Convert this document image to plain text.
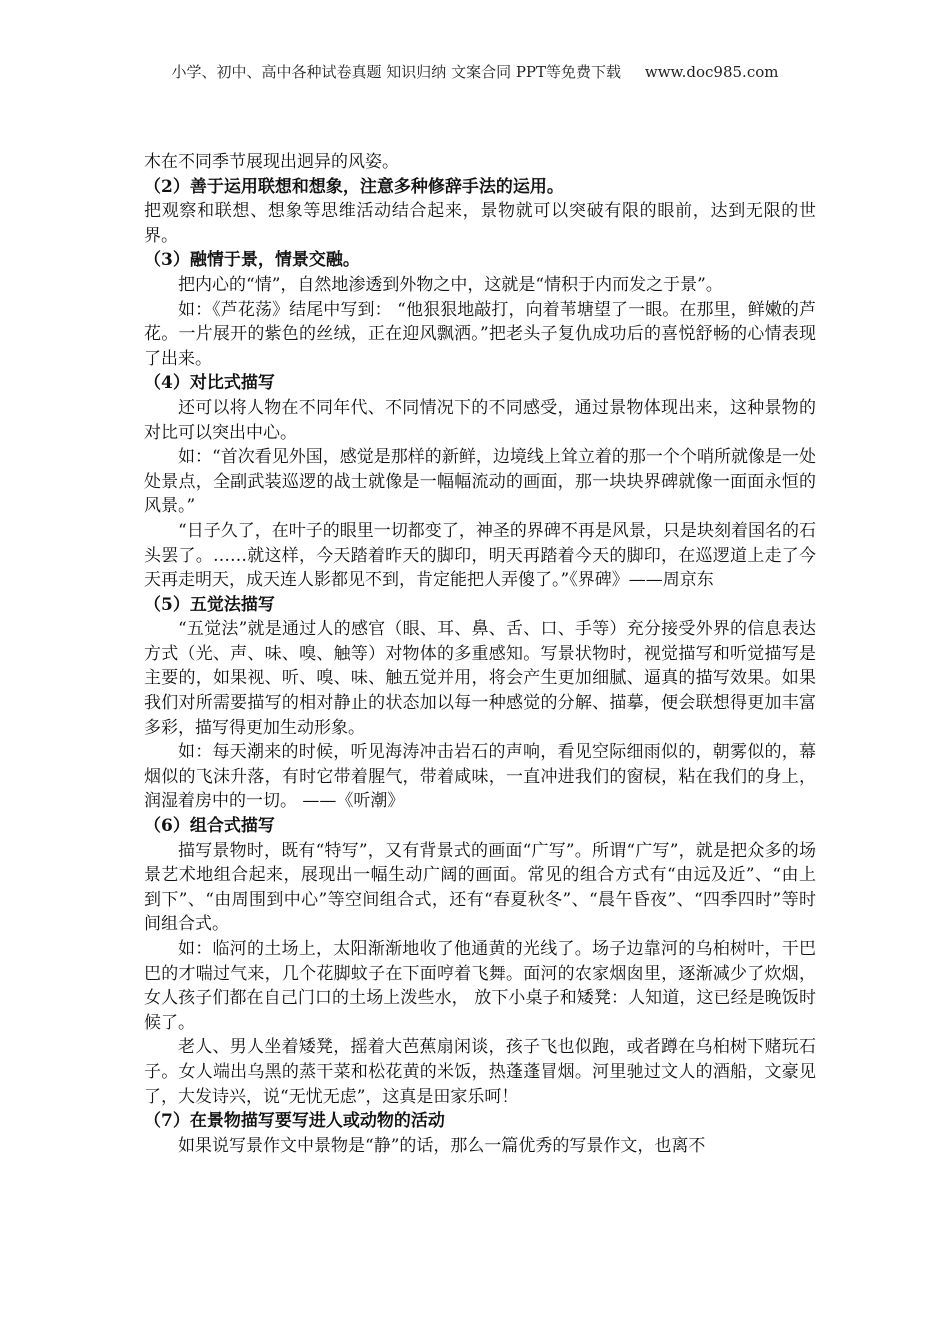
小学、初中、高中各种试卷真题 知识归纳 文案合同 PPT等免费下载 www.doc985.com

木在不同季节展现出迥异的风姿。

（2）善于运用联想和想象，注意多种修辞手法的运用。

把观察和联想、想象等思维活动结合起来，景物就可以突破有限的眼前，达到无限的世界。

（3）融情于景，情景交融。

把内心的“情”，自然地渗透到外物之中，这就是“情积于内而发之于景”。

如：《芦花荡》结尾中写到： “他狠狠地敲打，向着苇塘望了一眼。在那里，鲜嫩的芦花。一片展开的紫色的丝绒，正在迎风飘洒。”把老头子复仇成功后的喜悦舒畅的心情表现了出来。

（4）对比式描写

还可以将人物在不同年代、不同情况下的不同感受，通过景物体现出来，这种景物的对比可以突出中心。

如：“首次看见外国，感觉是那样的新鲜，边境线上耸立着的那一个个哨所就像是一处处景点，全副武装巡逻的战士就像是一幅幅流动的画面，那一块块界碑就像一面面永恒的风景。”

“日子久了，在叶子的眼里一切都变了，神圣的界碑不再是风景，只是块刻着国名的石头罢了。……就这样，今天踏着昨天的脚印，明天再踏着今天的脚印，在巡逻道上走了今天再走明天，成天连人影都见不到，肯定能把人弄傻了。”《界碑》——周京东

（5）五觉法描写

“五觉法”就是通过人的感官（眼、耳、鼻、舌、口、手等）充分接受外界的信息表达方式（光、声、味、嗅、触等）对物体的多重感知。写景状物时，视觉描写和听觉描写是主要的，如果视、听、嗅、味、触五觉并用，将会产生更加细腻、逼真的描写效果。如果我们对所需要描写的相对静止的状态加以每一种感觉的分解、描摹，便会联想得更加丰富多彩，描写得更加生动形象。

如：每天潮来的时候，听见海涛冲击岩石的声响，看见空际细雨似的，朝雾似的，幕烟似的飞沫升落，有时它带着腥气，带着咸味，一直冲进我们的窗棂，粘在我们的身上，润湿着房中的一切。 ——《听潮》

（6）组合式描写

描写景物时，既有“特写”，又有背景式的画面“广写”。所谓“广写”，就是把众多的场景艺术地组合起来，展现出一幅生动广阔的画面。常见的组合方式有“由远及近”、“由上到下”、“由周围到中心”等空间组合式，还有“春夏秋冬”、“晨午昏夜”、“四季四时”等时间组合式。

如：临河的土场上，太阳渐渐地收了他通黄的光线了。场子边靠河的乌桕树叶，干巴巴的才喘过气来，几个花脚蚊子在下面哼着飞舞。面河的农家烟囱里，逐渐减少了炊烟，女人孩子们都在自己门口的土场上泼些水， 放下小桌子和矮凳：人知道，这已经是晚饭时候了。

老人、男人坐着矮凳，摇着大芭蕉扇闲谈，孩子飞也似跑，或者蹲在乌桕树下赌玩石子。女人端出乌黑的蒸干菜和松花黄的米饭，热蓬蓬冒烟。河里驰过文人的酒船，文豪见了，大发诗兴，说“无忧无虑”，这真是田家乐呵！

（7）在景物描写要写进人或动物的活动

如果说写景作文中景物是“静”的话，那么一篇优秀的写景作文，也离不
